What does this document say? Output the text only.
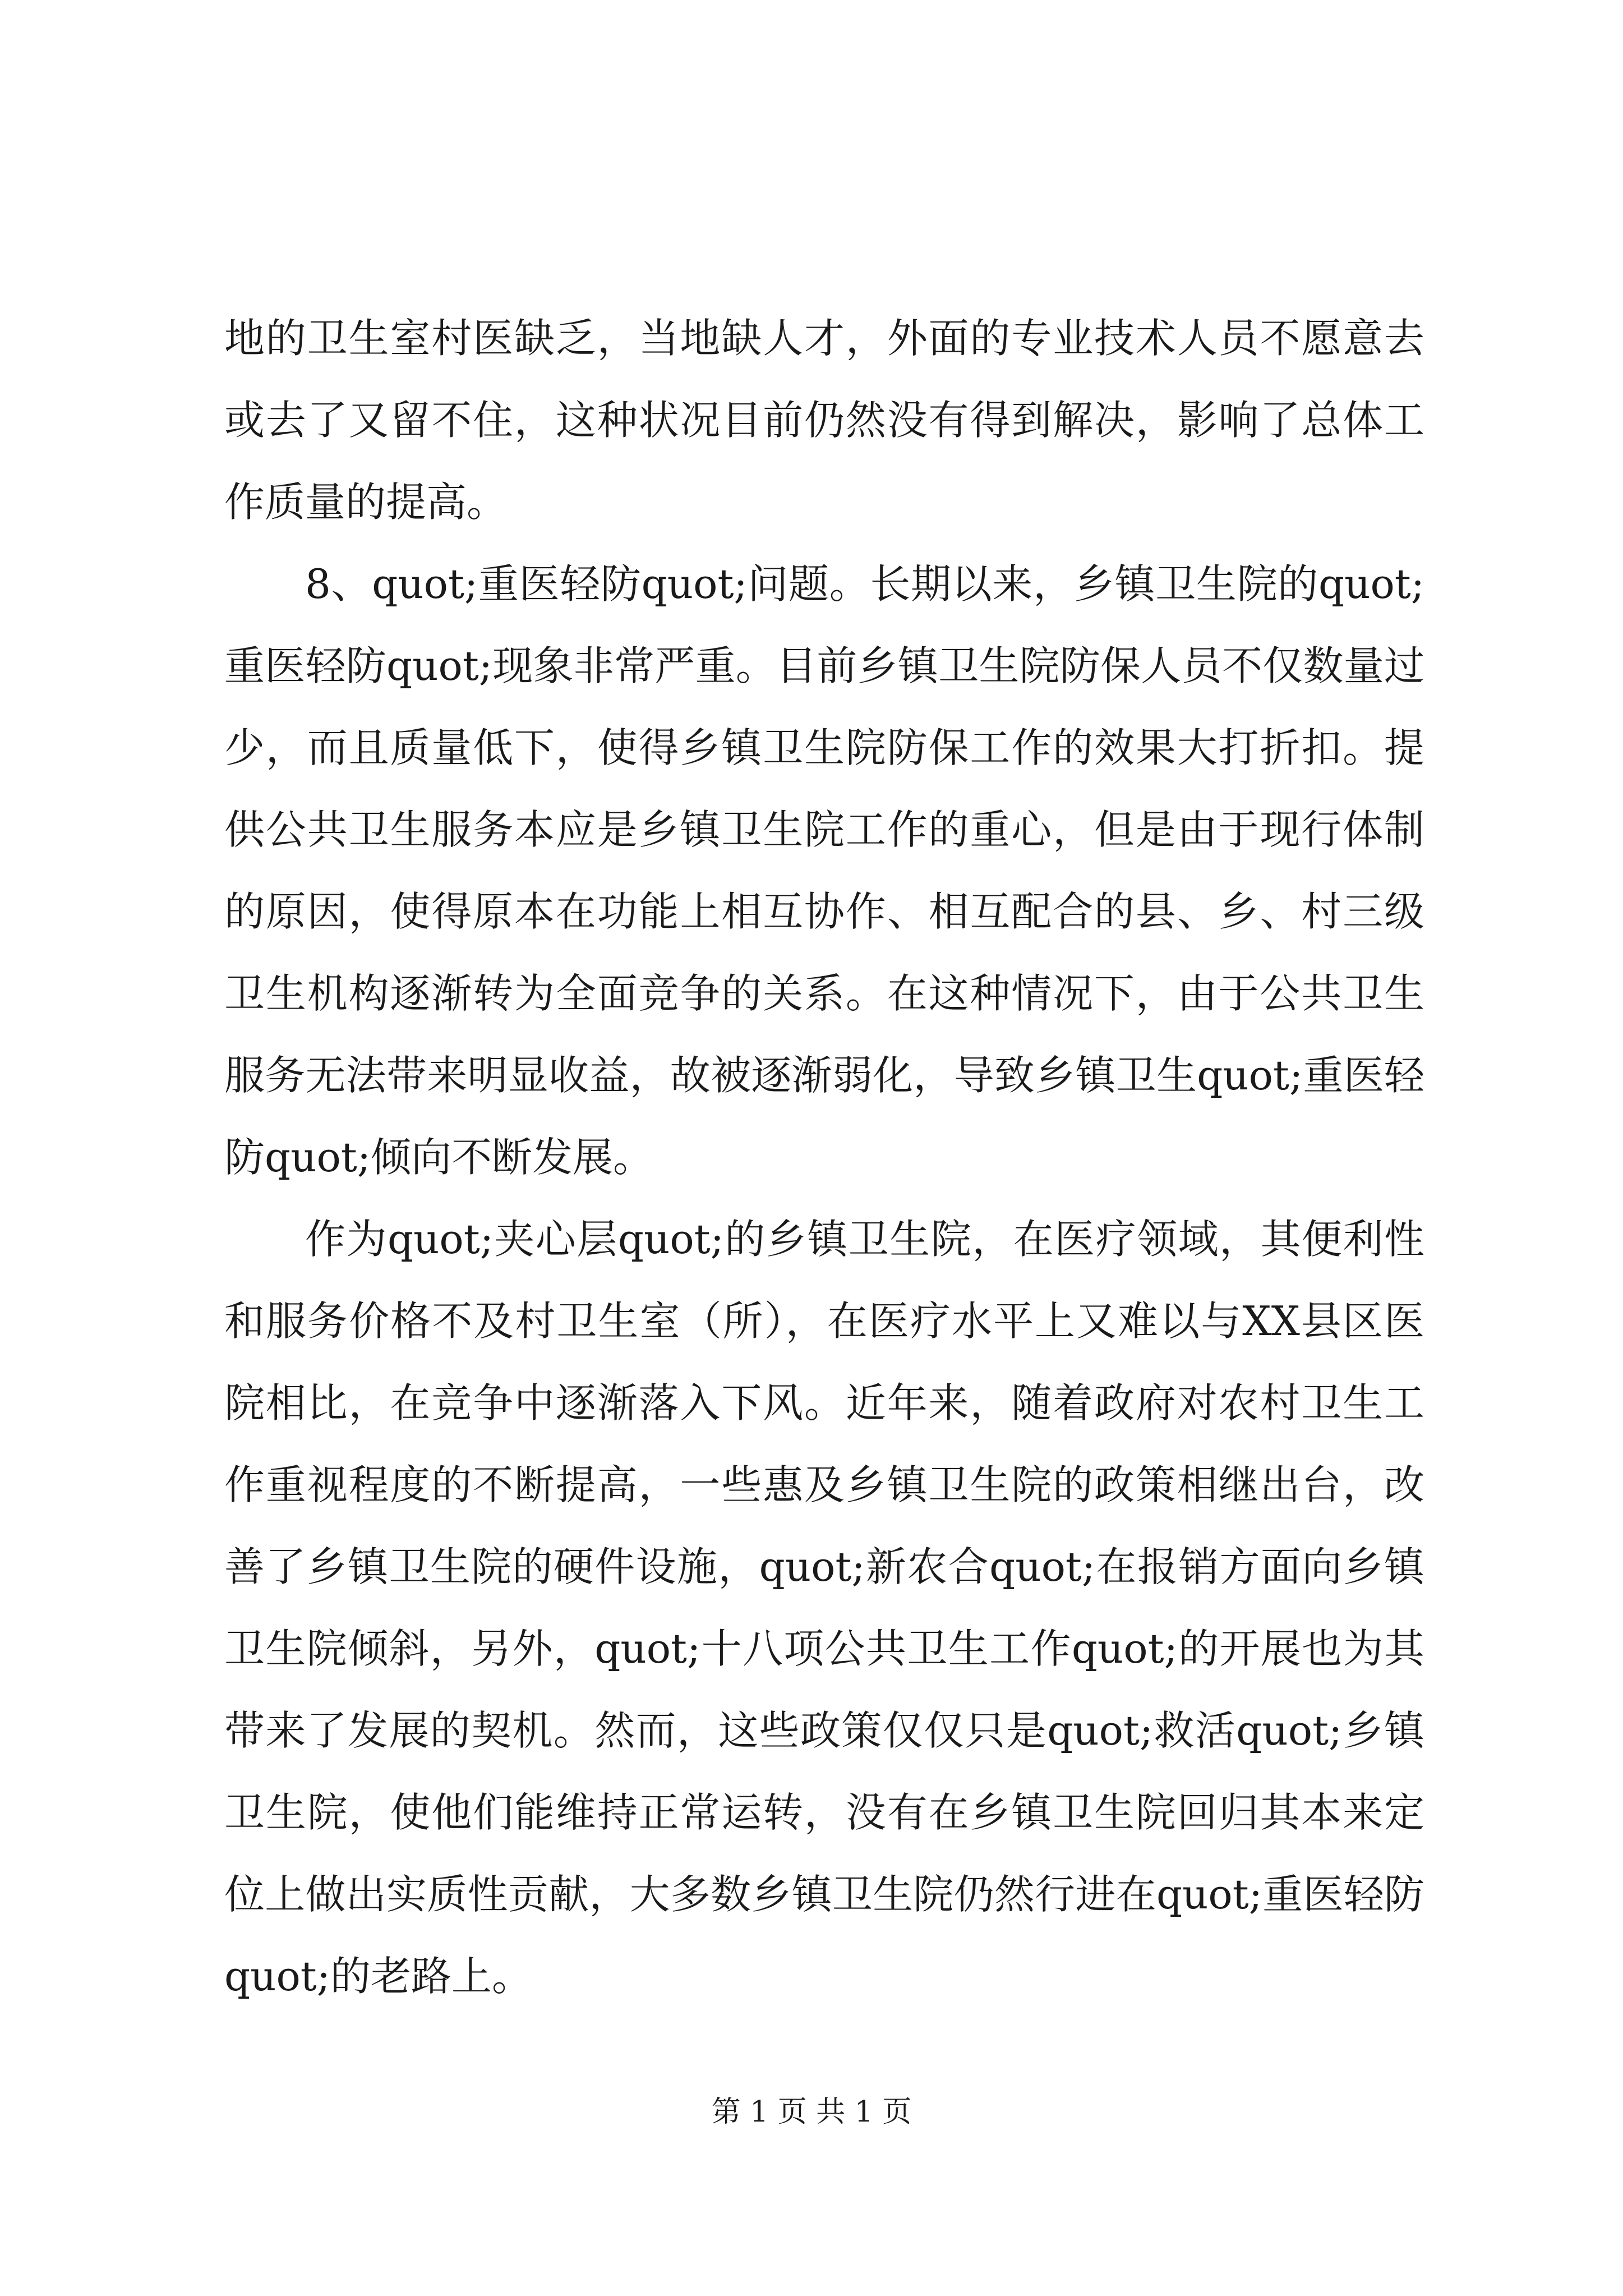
地的卫生室村医缺乏，当地缺人才，外面的专业技术人员不愿意去或去了又留不住，这种状况目前仍然没有得到解决，影响了总体工作质量的提高。

8、quot;重医轻防quot;问题。长期以来，乡镇卫生院的quot;重医轻防quot;现象非常严重。目前乡镇卫生院防保人员不仅数量过少，而且质量低下，使得乡镇卫生院防保工作的效果大打折扣。提供公共卫生服务本应是乡镇卫生院工作的重心，但是由于现行体制的原因，使得原本在功能上相互协作、相互配合的县、乡、村三级卫生机构逐渐转为全面竞争的关系。在这种情况下，由于公共卫生服务无法带来明显收益，故被逐渐弱化，导致乡镇卫生quot;重医轻防quot;倾向不断发展。

作为quot;夹心层quot;的乡镇卫生院，在医疗领域，其便利性和服务价格不及村卫生室（所），在医疗水平上又难以与XX县区医院相比，在竞争中逐渐落入下风。近年来，随着政府对农村卫生工作重视程度的不断提高，一些惠及乡镇卫生院的政策相继出台，改善了乡镇卫生院的硬件设施，quot;新农合quot;在报销方面向乡镇卫生院倾斜，另外，quot;十八项公共卫生工作quot;的开展也为其带来了发展的契机。然而，这些政策仅仅只是quot;救活quot;乡镇卫生院，使他们能维持正常运转，没有在乡镇卫生院回归其本来定位上做出实质性贡献，大多数乡镇卫生院仍然行进在quot;重医轻防quot;的老路上。

第 1 页 共 1 页
